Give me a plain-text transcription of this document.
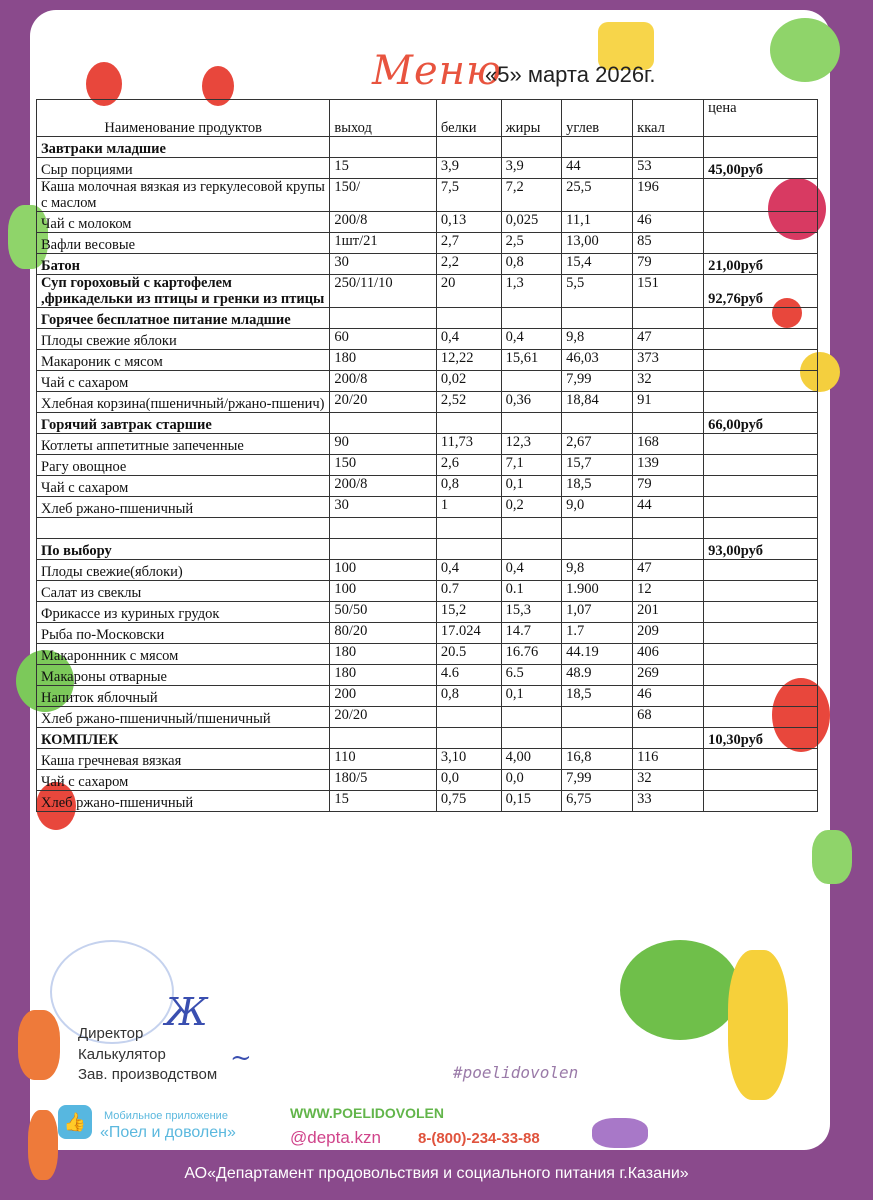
Меню
«5» марта 2026г.
Наименование продуктов	выход	белки	жиры	углев	ккал	цена
Завтраки младшие						
Сыр порциями	15	3,9	3,9	44	53	45,00руб
Каша молочная вязкая из геркулесовой крупы с маслом	150/	7,5	7,2	25,5	196	
Чай с молоком	200/8	0,13	0,025	11,1	46	
Вафли весовые	1шт/21	2,7	2,5	13,00	85	
Батон	30	2,2	0,8	15,4	79	21,00руб
Суп гороховый с картофелем ,фрикадельки из птицы и гренки из птицы	250/11/10	20	1,3	5,5	151	92,76руб
Горячее бесплатное питание младшие						
Плоды свежие яблоки	60	0,4	0,4	9,8	47	
Макароник с мясом	180	12,22	15,61	46,03	373	
Чай с сахаром	200/8	0,02		7,99	32	
Хлебная корзина(пшеничный/ржано-пшенич)	20/20	2,52	0,36	18,84	91	
Горячий завтрак старшие						66,00руб
Котлеты аппетитные запеченные	90	11,73	12,3	2,67	168	
Рагу овощное	150	2,6	7,1	15,7	139	
Чай с сахаром	200/8	0,8	0,1	18,5	79	
Хлеб ржано-пшеничный	30	1	0,2	9,0	44	

По выбору						93,00руб
Плоды свежие(яблоки)	100	0,4	0,4	9,8	47	
Салат из свеклы	100	0.7	0.1	1.900	12	
Фрикассе из куриных грудок	50/50	15,2	15,3	1,07	201	
Рыба по-Московски	80/20	17.024	14.7	1.7	209	
Макароннник с мясом	180	20.5	16.76	44.19	406	
Макароны отварные	180	4.6	6.5	48.9	269	
Напиток яблочный	200	0,8	0,1	18,5	46	
Хлеб ржано-пшеничный/пшеничный	20/20				68	
КОМПЛЕК						10,30руб
Каша гречневая вязкая	110	3,10	4,00	16,8	116	
Чай с сахаром	180/5	0,0	0,0	7,99	32	
Хлеб ржано-пшеничный	15	0,75	0,15	6,75	33	
Директор
Калькулятор
Зав. производством
Ж
~	#poelidovolen
👍	Мобильное приложение
«Поел и доволен»
WWW.POELIDOVOLEN
@depta.kzn 8-(800)-234-33-88
АО«Департамент продовольствия и социального питания г.Казани»
